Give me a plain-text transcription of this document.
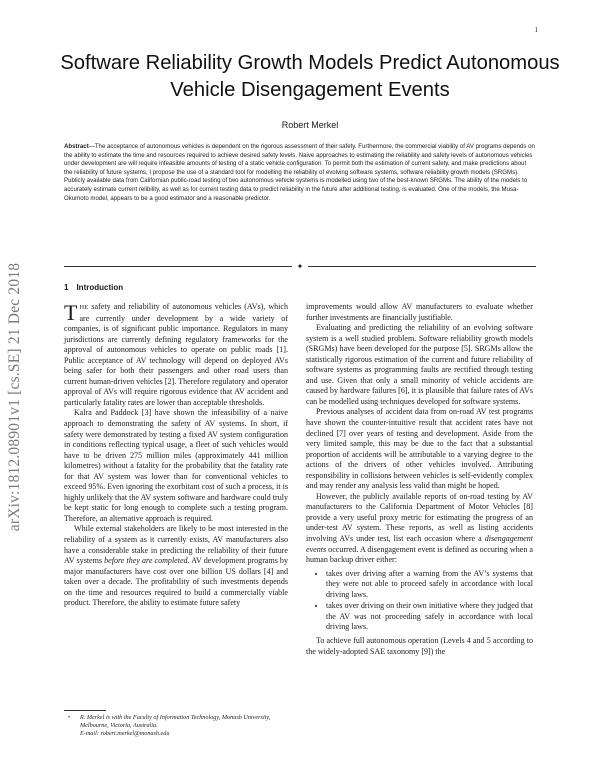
1
arXiv:1812.08901v1 [cs.SE] 21 Dec 2018
Software Reliability Growth Models Predict Autonomous Vehicle Disengagement Events
Robert Merkel

Abstract—The acceptance of autonomous vehicles is dependent on the rigorous assessment of their safety. Furthermore, the commercial viability of AV programs depends on the ability to estimate the time and resources required to achieve desired safety levels. Naive approaches to estimating the reliability and safety levels of autonomous vehicles under development are will require infeasible amounts of testing of a static vehicle configuration. To permit both the estimation of current safety, and make predictions about the reliability of future systems, I propose the use of a standard tool for modelling the reliability of evolving software systems, software reliability growth models (SRGMs).

Publicly available data from Californian public-road testing of two autonomous vehicle systems is modelled using two of the best-known SRGMs. The ability of the models to accurately estimate current relibility, as well as for current testing data to predict reliability in the future after additional testing, is evaluated. One of the models, the Musa-Okumoto model, appears to be a good estimator and a reasonable predictor.

✦
1 Introduction

THE safety and reliability of autonomous vehicles (AVs), which are currently under development by a wide variety of companies, is of significant public importance. Regulators in many jurisdictions are currently defining regulatory frameworks for the approval of autonomous vehicles to operate on public roads [1]. Public acceptance of AV technology will depend on deployed AVs being safer for both their passengers and other road users than current human-driven vehicles [2]. Therefore regulatory and operator approval of AVs will require rigorous evidence that AV accident and particularly fatality rates are lower than acceptable thresholds.

Kalra and Paddock [3] have shown the infeasibility of a naive approach to demonstrating the safety of AV systems. In short, if safety were demonstrated by testing a fixed AV system configuration in conditions reflecting typical usage, a fleet of such vehicles would have to be driven 275 million miles (approximately 441 million kilometres) without a fatality for the probability that the fatality rate for that AV system was lower than for conventional vehicles to exceed 95%. Even ignoring the exorbitant cost of such a process, it is highly unlikely that the AV system software and hardware could truly be kept static for long enough to complete such a testing program. Therefore, an alternative approach is required.

While external stakeholders are likely to be most interested in the reliability of a system as it currently exists, AV manufacturers also have a considerable stake in predicting the reliability of their future AV systems before they are completed. AV development programs by major manufacturers have cost over one billion US dollars [4] and taken over a decade. The profitability of such investments depends on the time and resources required to build a commercially viable product. Therefore, the ability to estimate future safety

• R. Merkel is with the Faculty of Information Technology, Monash University, Melbourne, Victoria, Australia.
E-mail: robert.merkel@monash.edu

improvements would allow AV manufacturers to evaluate whether further investments are financially justifiable.

Evaluating and predicting the reliability of an evolving software system is a well studied problem. Software reliability growth models (SRGMs) have been developed for the purpose [5]. SRGMs allow the statistically rigorous estimation of the current and future reliability of software systems as programming faults are rectified through testing and use. Given that only a small minority of vehicle accidents are caused by hardware failures [6], it is plausible that failure rates of AVs can be modelled using techniques developed for software systems.

Previous analyses of accident data from on-road AV test programs have shown the counter-intuitive result that accident rates have not declined [7] over years of testing and development. Aside from the very limited sample, this may be due to the fact that a substantial proportion of accidents will be attributable to a varying degree to the actions of the drivers of other vehicles involved. Attributing responsibility in collisions between vehicles is self-evidently complex and may render any analysis less valid than might be hoped.

However, the publicly available reports of on-road testing by AV manufacturers to the California Department of Motor Vehicles [8] provide a very useful proxy metric for estimating the progress of an under-test AV system. These reports, as well as listing accidents involving AVs under test, list each occasion where a disengagement events occurred. A disengagement event is defined as occuring when a human backup driver either:

• takes over driving after a warning from the AV’s systems that they were not able to proceed safely in accordance with local driving laws.
• takes over driving on their own initiative where they judged that the AV was not proceeding safely in accordance with local driving laws.

To achieve full autonomous operation (Levels 4 and 5 according to the widely-adopted SAE taxonomy [9]) the
